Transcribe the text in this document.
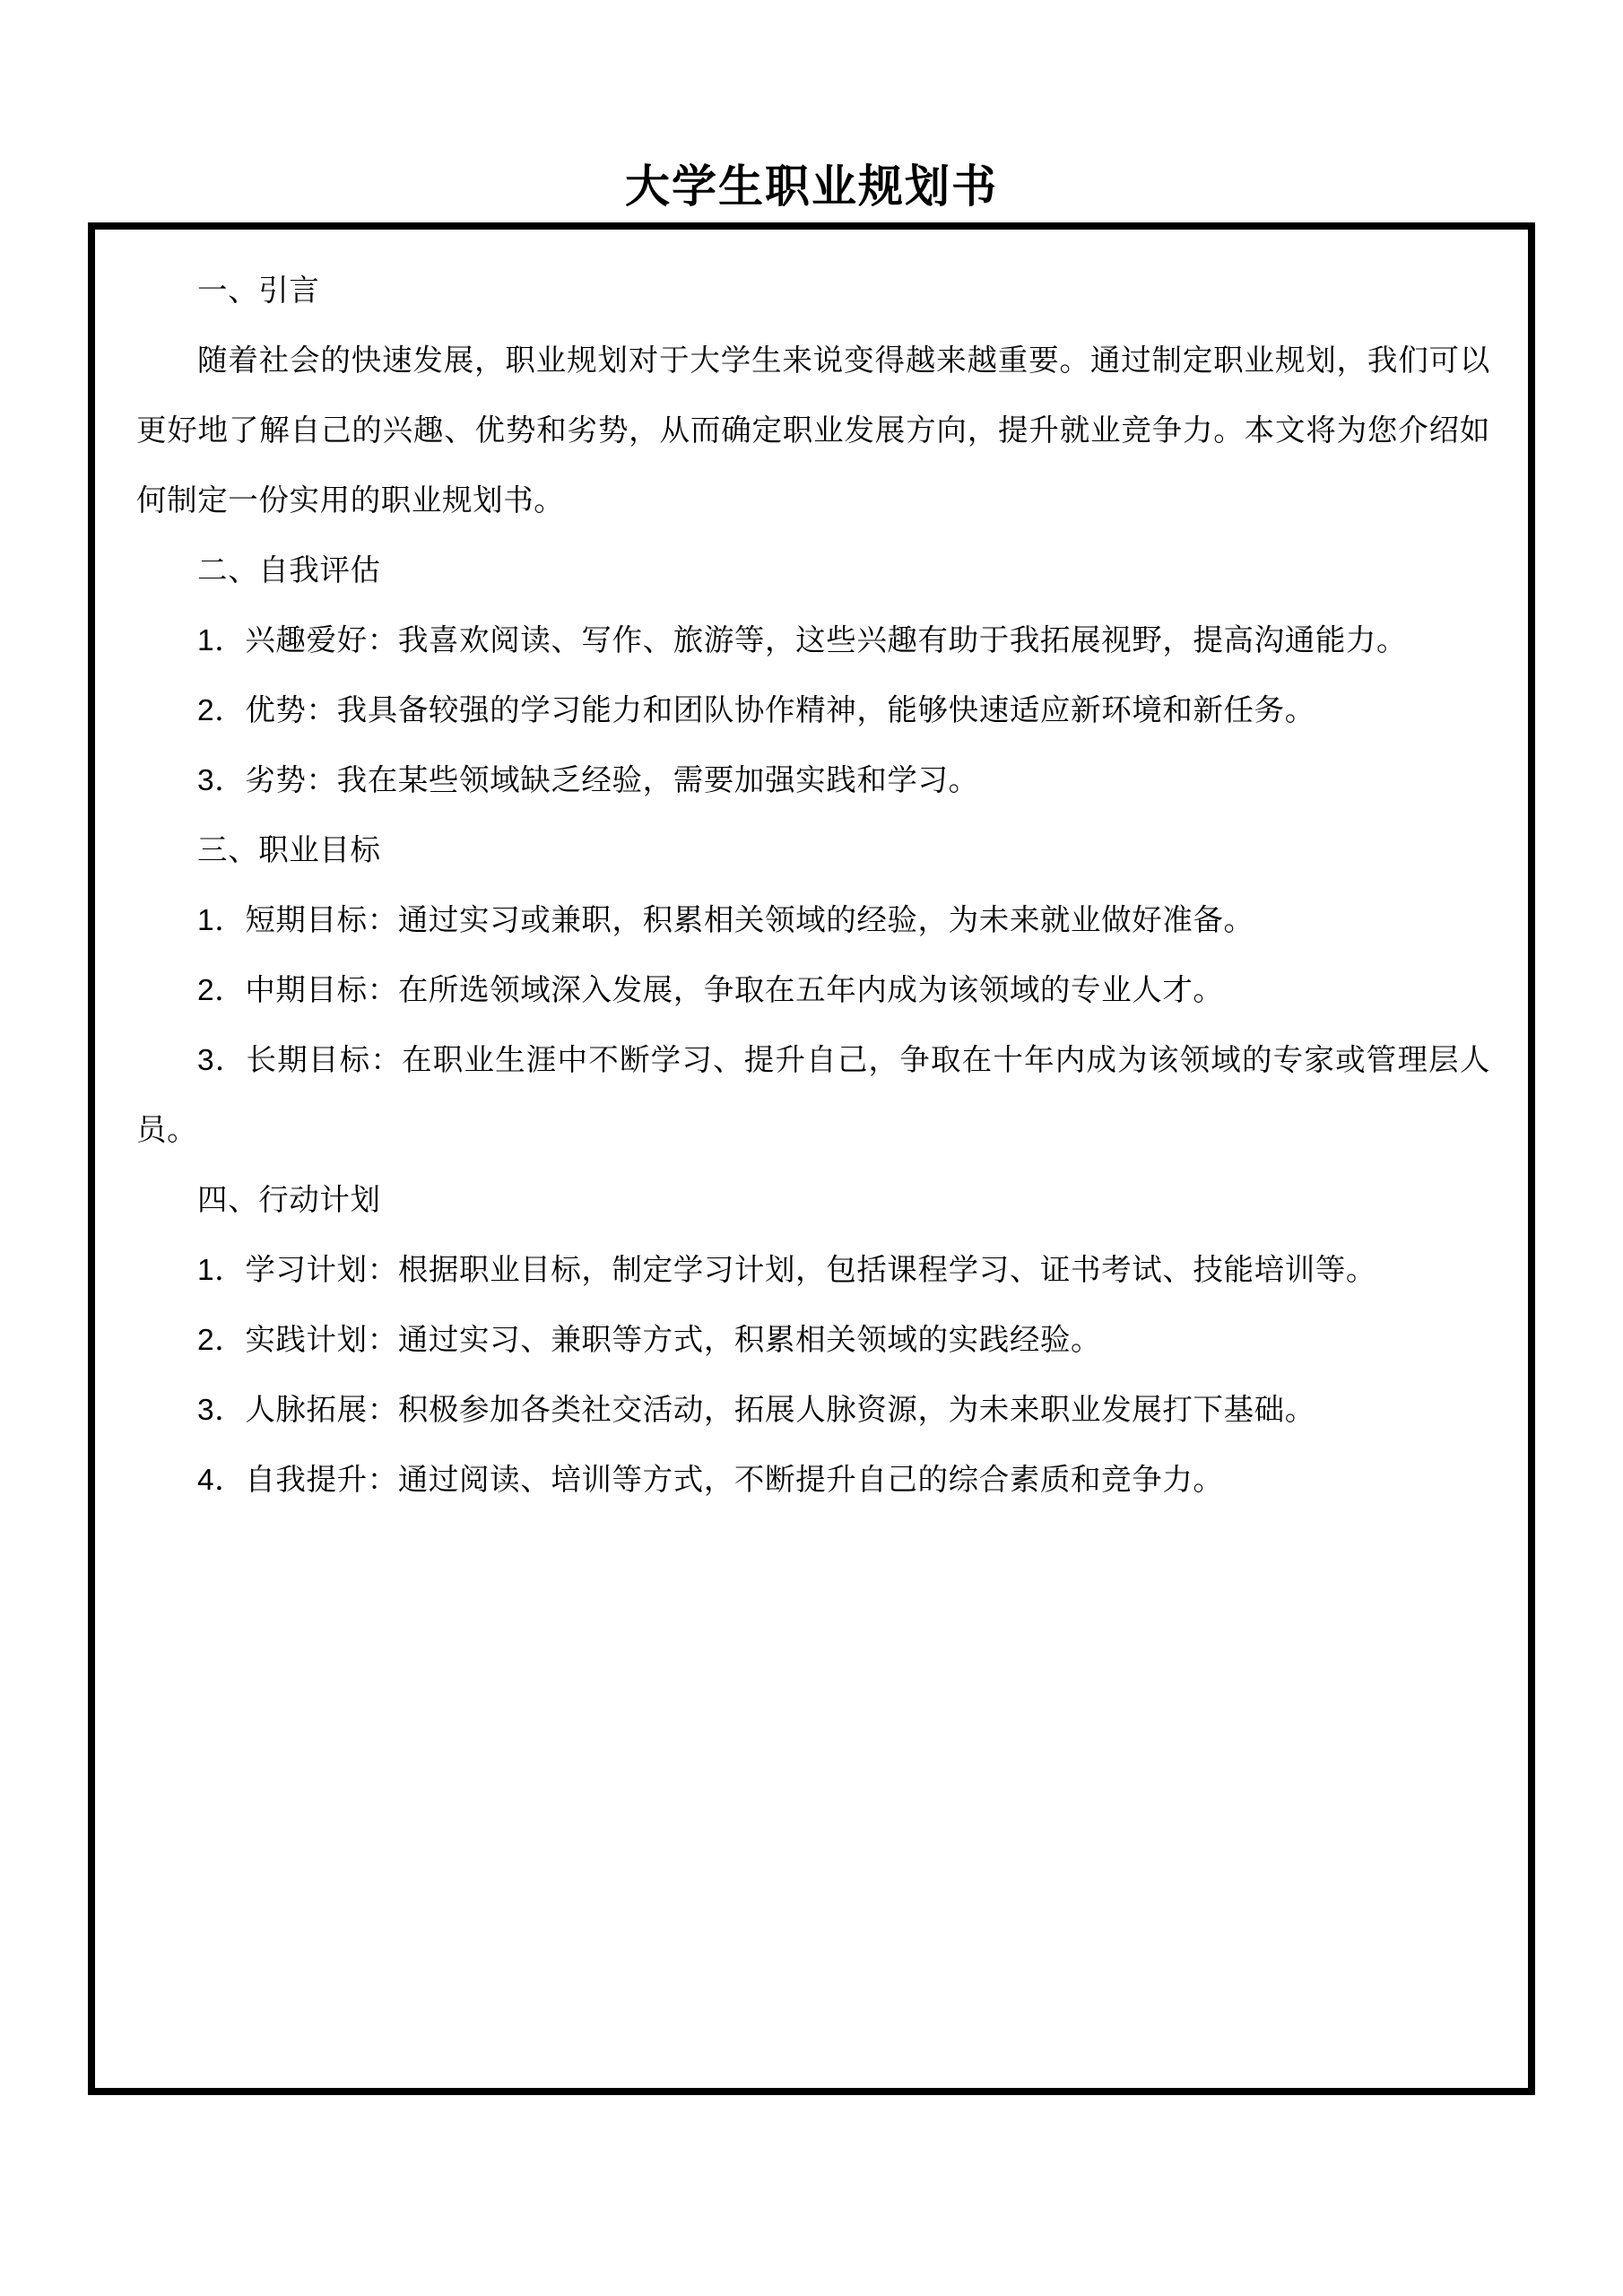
大学生职业规划书
一、引言
随着社会的快速发展，职业规划对于大学生来说变得越来越重要。通过制定职业规划，我们可以更好地了解自己的兴趣、优势和劣势，从而确定职业发展方向，提升就业竞争力。本文将为您介绍如何制定一份实用的职业规划书。
二、自我评估
1．兴趣爱好：我喜欢阅读、写作、旅游等，这些兴趣有助于我拓展视野，提高沟通能力。
2．优势：我具备较强的学习能力和团队协作精神，能够快速适应新环境和新任务。
3．劣势：我在某些领域缺乏经验，需要加强实践和学习。
三、职业目标
1．短期目标：通过实习或兼职，积累相关领域的经验，为未来就业做好准备。
2．中期目标：在所选领域深入发展，争取在五年内成为该领域的专业人才。
3．长期目标：在职业生涯中不断学习、提升自己，争取在十年内成为该领域的专家或管理层人员。
四、行动计划
1．学习计划：根据职业目标，制定学习计划，包括课程学习、证书考试、技能培训等。
2．实践计划：通过实习、兼职等方式，积累相关领域的实践经验。
3．人脉拓展：积极参加各类社交活动，拓展人脉资源，为未来职业发展打下基础。
4．自我提升：通过阅读、培训等方式，不断提升自己的综合素质和竞争力。
